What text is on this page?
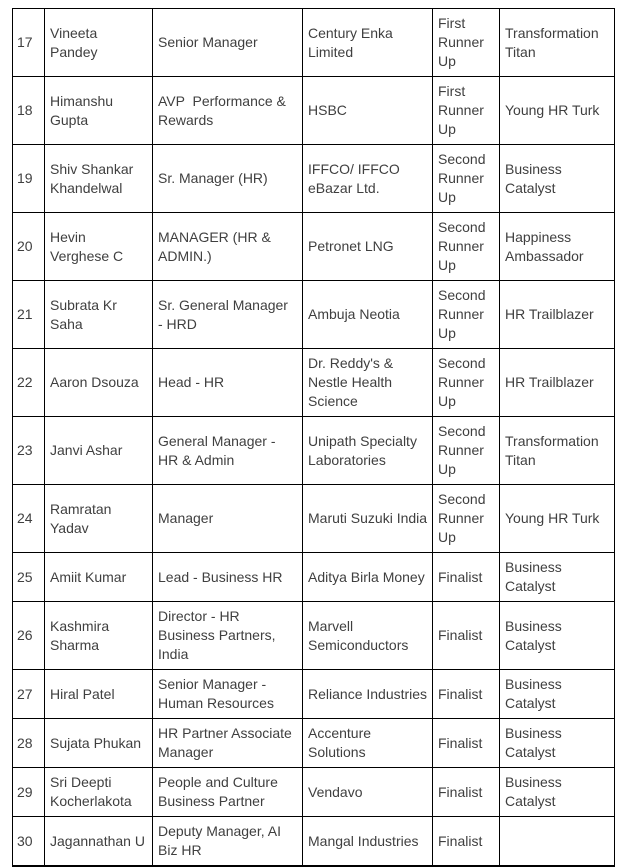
17	Vineeta Pandey	Senior Manager	Century Enka Limited	First Runner Up	Transformation Titan
18	Himanshu Gupta	AVP  Performance & Rewards	HSBC	First Runner Up	Young HR Turk
19	Shiv Shankar Khandelwal	Sr. Manager (HR)	IFFCO/ IFFCO eBazar Ltd.	Second Runner Up	Business Catalyst
20	Hevin Verghese C	MANAGER (HR & ADMIN.)	Petronet LNG	Second Runner Up	Happiness Ambassador
21	Subrata Kr Saha	Sr. General Manager - HRD	Ambuja Neotia	Second Runner Up	HR Trailblazer
22	Aaron Dsouza	Head - HR	Dr. Reddy's & Nestle Health Science	Second Runner Up	HR Trailblazer
23	Janvi Ashar	General Manager - HR & Admin	Unipath Specialty Laboratories	Second Runner Up	Transformation Titan
24	Ramratan Yadav	Manager	Maruti Suzuki India	Second Runner Up	Young HR Turk
25	Amiit Kumar	Lead - Business HR	Aditya Birla Money	Finalist	Business Catalyst
26	Kashmira Sharma	Director - HR Business Partners, India	Marvell Semiconductors	Finalist	Business Catalyst
27	Hiral Patel	Senior Manager - Human Resources	Reliance Industries	Finalist	Business Catalyst
28	Sujata Phukan	HR Partner Associate Manager	Accenture Solutions	Finalist	Business Catalyst
29	Sri Deepti Kocherlakota	People and Culture Business Partner	Vendavo	Finalist	Business Catalyst
30	Jagannathan U	Deputy Manager, AI Biz HR	Mangal Industries	Finalist	
